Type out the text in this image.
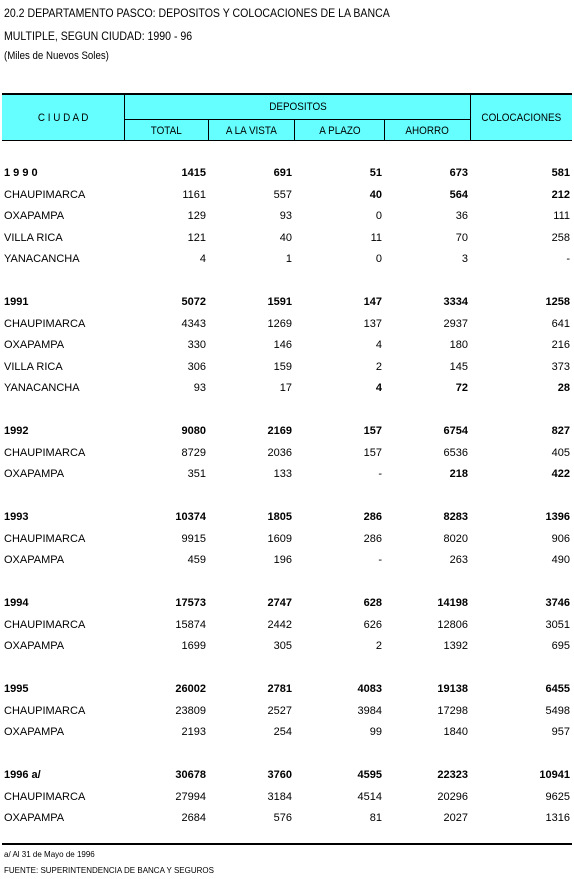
20.2 DEPARTAMENTO PASCO: DEPOSITOS Y COLOCACIONES DE LA BANCA
MULTIPLE, SEGUN CIUDAD: 1990 - 96
(Miles de Nuevos Soles)
C I U D A D
DEPOSITOS
COLOCACIONES
TOTAL	A LA VISTA	A PLAZO	AHORRO
1 9 9 0	1415	691	51	673	581
CHAUPIMARCA	1161	557	40	564	212
OXAPAMPA	129	93	0	36	111
VILLA RICA	121	40	11	70	258
YANACANCHA	4	1	0	3	-
1991	5072	1591	147	3334	1258
CHAUPIMARCA	4343	1269	137	2937	641
OXAPAMPA	330	146	4	180	216
VILLA RICA	306	159	2	145	373
YANACANCHA	93	17	4	72	28
1992	9080	2169	157	6754	827
CHAUPIMARCA	8729	2036	157	6536	405
OXAPAMPA	351	133	-	218	422
1993	10374	1805	286	8283	1396
CHAUPIMARCA	9915	1609	286	8020	906
OXAPAMPA	459	196	-	263	490
1994	17573	2747	628	14198	3746
CHAUPIMARCA	15874	2442	626	12806	3051
OXAPAMPA	1699	305	2	1392	695
1995	26002	2781	4083	19138	6455
CHAUPIMARCA	23809	2527	3984	17298	5498
OXAPAMPA	2193	254	99	1840	957
1996 a/	30678	3760	4595	22323	10941
CHAUPIMARCA	27994	3184	4514	20296	9625
OXAPAMPA	2684	576	81	2027	1316
a/ Al 31 de Mayo de 1996
FUENTE: SUPERINTENDENCIA DE BANCA Y SEGUROS
